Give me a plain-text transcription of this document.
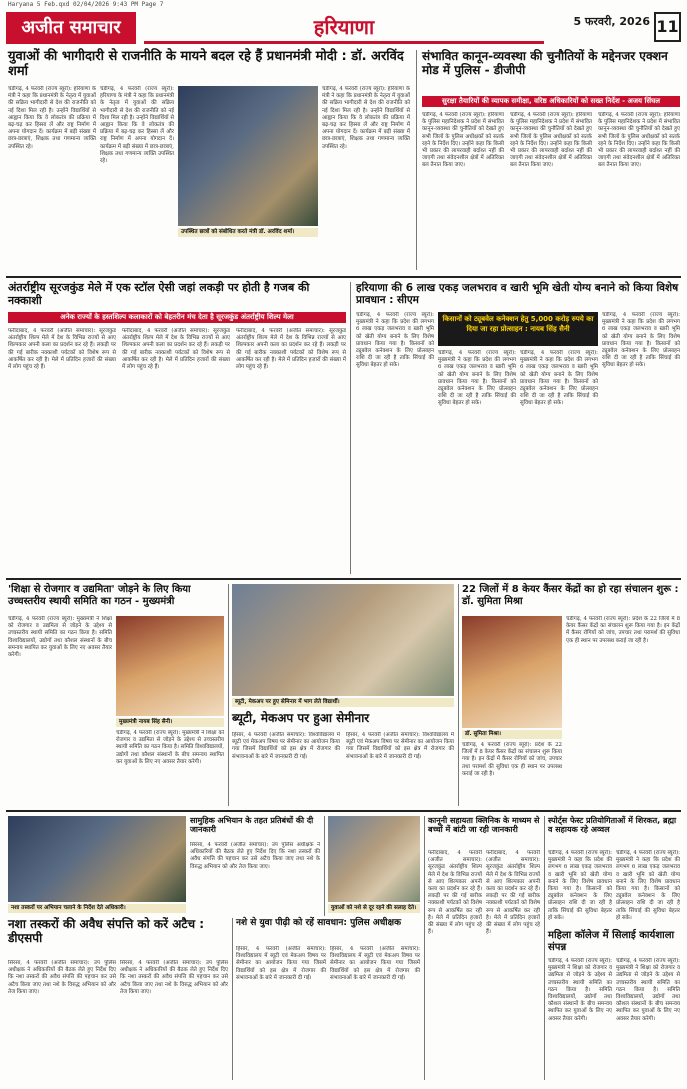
Haryana 5 Feb.qxd 02/04/2026 9:43 PM Page 7
अजीत समाचार	हरियाणा	5 फरवरी, 2026 11
युवाओं की भागीदारी से राजनीति के मायने बदल रहे हैं प्रधानमंत्री मोदी : डॉ. अरविंद शर्मा
चंडीगढ़, 4 फरवरी (राज्य ब्यूरो): हरियाणा के मंत्री ने कहा कि प्रधानमंत्री के नेतृत्व में युवाओं की सक्रिय भागीदारी से देश की राजनीति को नई दिशा मिल रही है। उन्होंने विद्यार्थियों से आह्वान किया कि वे लोकतंत्र की प्रक्रिया में बढ़-चढ़ कर हिस्सा लें और राष्ट्र निर्माण में अपना योगदान दें। कार्यक्रम में बड़ी संख्या में छात्र-छात्राएं, शिक्षक तथा गणमान्य व्यक्ति उपस्थित रहे।
चंडीगढ़, 4 फरवरी (राज्य ब्यूरो): हरियाणा के मंत्री ने कहा कि प्रधानमंत्री के नेतृत्व में युवाओं की सक्रिय भागीदारी से देश की राजनीति को नई दिशा मिल रही है। उन्होंने विद्यार्थियों से आह्वान किया कि वे लोकतंत्र की प्रक्रिया में बढ़-चढ़ कर हिस्सा लें और राष्ट्र निर्माण में अपना योगदान दें। कार्यक्रम में बड़ी संख्या में छात्र-छात्राएं, शिक्षक तथा गणमान्य व्यक्ति उपस्थित रहे।
चंडीगढ़, 4 फरवरी (राज्य ब्यूरो): हरियाणा के मंत्री ने कहा कि प्रधानमंत्री के नेतृत्व में युवाओं की सक्रिय भागीदारी से देश की राजनीति को नई दिशा मिल रही है। उन्होंने विद्यार्थियों से आह्वान किया कि वे लोकतंत्र की प्रक्रिया में बढ़-चढ़ कर हिस्सा लें और राष्ट्र निर्माण में अपना योगदान दें। कार्यक्रम में बड़ी संख्या में छात्र-छात्राएं, शिक्षक तथा गणमान्य व्यक्ति उपस्थित रहे।
उपस्थित छात्रों को संबोधित करते मंत्री डॉ. अरविंद शर्मा।
संभावित कानून-व्यवस्था की चुनौतियों के मद्देनजर एक्शन मोड में पुलिस - डीजीपी
सुरक्षा तैयारियों की व्यापक समीक्षा, वरिष्ठ अधिकारियों को सख्त निर्देश - अजय सिंघल
चंडीगढ़, 4 फरवरी (राज्य ब्यूरो): हरियाणा के पुलिस महानिदेशक ने प्रदेश में संभावित कानून-व्यवस्था की चुनौतियों को देखते हुए सभी जिलों के पुलिस अधीक्षकों को सतर्क रहने के निर्देश दिए। उन्होंने कहा कि किसी भी प्रकार की लापरवाही बर्दाश्त नहीं की जाएगी तथा संवेदनशील क्षेत्रों में अतिरिक्त बल तैनात किया जाए।
चंडीगढ़, 4 फरवरी (राज्य ब्यूरो): हरियाणा के पुलिस महानिदेशक ने प्रदेश में संभावित कानून-व्यवस्था की चुनौतियों को देखते हुए सभी जिलों के पुलिस अधीक्षकों को सतर्क रहने के निर्देश दिए। उन्होंने कहा कि किसी भी प्रकार की लापरवाही बर्दाश्त नहीं की जाएगी तथा संवेदनशील क्षेत्रों में अतिरिक्त बल तैनात किया जाए।
चंडीगढ़, 4 फरवरी (राज्य ब्यूरो): हरियाणा के पुलिस महानिदेशक ने प्रदेश में संभावित कानून-व्यवस्था की चुनौतियों को देखते हुए सभी जिलों के पुलिस अधीक्षकों को सतर्क रहने के निर्देश दिए। उन्होंने कहा कि किसी भी प्रकार की लापरवाही बर्दाश्त नहीं की जाएगी तथा संवेदनशील क्षेत्रों में अतिरिक्त बल तैनात किया जाए।
अंतर्राष्ट्रीय सूरजकुंड मेले में एक स्टॉल ऐसी जहां लकड़ी पर होती है गजब की नक्काशी
अनेक राज्यों के हस्तशिल्प कलाकारों को बेहतरीन मंच देता है सूरजकुंड अंतर्राष्ट्रीय शिल्प मेला
फरीदाबाद, 4 फरवरी (अजीत समाचार): सूरजकुंड अंतर्राष्ट्रीय शिल्प मेले में देश के विभिन्न राज्यों से आए शिल्पकार अपनी कला का प्रदर्शन कर रहे हैं। लकड़ी पर की गई बारीक नक्काशी पर्यटकों को विशेष रूप से आकर्षित कर रही है। मेले में प्रतिदिन हजारों की संख्या में लोग पहुंच रहे हैं।
फरीदाबाद, 4 फरवरी (अजीत समाचार): सूरजकुंड अंतर्राष्ट्रीय शिल्प मेले में देश के विभिन्न राज्यों से आए शिल्पकार अपनी कला का प्रदर्शन कर रहे हैं। लकड़ी पर की गई बारीक नक्काशी पर्यटकों को विशेष रूप से आकर्षित कर रही है। मेले में प्रतिदिन हजारों की संख्या में लोग पहुंच रहे हैं।
फरीदाबाद, 4 फरवरी (अजीत समाचार): सूरजकुंड अंतर्राष्ट्रीय शिल्प मेले में देश के विभिन्न राज्यों से आए शिल्पकार अपनी कला का प्रदर्शन कर रहे हैं। लकड़ी पर की गई बारीक नक्काशी पर्यटकों को विशेष रूप से आकर्षित कर रही है। मेले में प्रतिदिन हजारों की संख्या में लोग पहुंच रहे हैं।
हरियाणा की 6 लाख एकड़ जलभराव व खारी भूमि खेती योग्य बनाने को किया विशेष प्रावधान : सीएम
किसानों को ट्यूबवेल कनेक्शन हेतु 5,000 करोड़ रुपये का दिया जा रहा प्रोत्साहन : नायब सिंह सैनी
चंडीगढ़, 4 फरवरी (राज्य ब्यूरो): मुख्यमंत्री ने कहा कि प्रदेश की लगभग 6 लाख एकड़ जलभराव व खारी भूमि को खेती योग्य बनाने के लिए विशेष प्रावधान किया गया है। किसानों को ट्यूबवेल कनेक्शन के लिए प्रोत्साहन राशि दी जा रही है ताकि सिंचाई की सुविधा बेहतर हो सके।
चंडीगढ़, 4 फरवरी (राज्य ब्यूरो): मुख्यमंत्री ने कहा कि प्रदेश की लगभग 6 लाख एकड़ जलभराव व खारी भूमि को खेती योग्य बनाने के लिए विशेष प्रावधान किया गया है। किसानों को ट्यूबवेल कनेक्शन के लिए प्रोत्साहन राशि दी जा रही है ताकि सिंचाई की सुविधा बेहतर हो सके।
चंडीगढ़, 4 फरवरी (राज्य ब्यूरो): मुख्यमंत्री ने कहा कि प्रदेश की लगभग 6 लाख एकड़ जलभराव व खारी भूमि को खेती योग्य बनाने के लिए विशेष प्रावधान किया गया है। किसानों को ट्यूबवेल कनेक्शन के लिए प्रोत्साहन राशि दी जा रही है ताकि सिंचाई की सुविधा बेहतर हो सके।
चंडीगढ़, 4 फरवरी (राज्य ब्यूरो): मुख्यमंत्री ने कहा कि प्रदेश की लगभग 6 लाख एकड़ जलभराव व खारी भूमि को खेती योग्य बनाने के लिए विशेष प्रावधान किया गया है। किसानों को ट्यूबवेल कनेक्शन के लिए प्रोत्साहन राशि दी जा रही है ताकि सिंचाई की सुविधा बेहतर हो सके।
'शिक्षा से रोजगार व उद्यमिता' जोड़ने के लिए किया उच्चस्तरीय स्थायी समिति का गठन - मुख्यमंत्री
चंडीगढ़, 4 फरवरी (राज्य ब्यूरो): मुख्यमंत्री ने शिक्षा को रोजगार व उद्यमिता से जोड़ने के उद्देश्य से उच्चस्तरीय स्थायी समिति का गठन किया है। समिति विश्वविद्यालयों, उद्योगों तथा कौशल संस्थानों के बीच समन्वय स्थापित कर युवाओं के लिए नए अवसर तैयार करेगी।
मुख्यमंत्री नायब सिंह सैनी।
चंडीगढ़, 4 फरवरी (राज्य ब्यूरो): मुख्यमंत्री ने शिक्षा को रोजगार व उद्यमिता से जोड़ने के उद्देश्य से उच्चस्तरीय स्थायी समिति का गठन किया है। समिति विश्वविद्यालयों, उद्योगों तथा कौशल संस्थानों के बीच समन्वय स्थापित कर युवाओं के लिए नए अवसर तैयार करेगी।
ब्यूटी, मेकअप पर हुए सेमिनार में भाग लेते विद्यार्थी।
ब्यूटी, मेकअप पर हुआ सेमीनार
हिसार, 4 फरवरी (अजीत समाचार): विश्वविद्यालय में ब्यूटी एवं मेकअप विषय पर सेमीनार का आयोजन किया गया जिसमें विद्यार्थियों को इस क्षेत्र में रोजगार की संभावनाओं के बारे में जानकारी दी गई।
हिसार, 4 फरवरी (अजीत समाचार): विश्वविद्यालय में ब्यूटी एवं मेकअप विषय पर सेमीनार का आयोजन किया गया जिसमें विद्यार्थियों को इस क्षेत्र में रोजगार की संभावनाओं के बारे में जानकारी दी गई।
22 जिलों में 8 केयर कैंसर केंद्रों का हो रहा संचालन शुरू : डॉ. सुमिता मिश्रा
डॉ. सुमिता मिश्रा।
चंडीगढ़, 4 फरवरी (राज्य ब्यूरो): प्रदेश के 22 जिलों में 8 केयर कैंसर केंद्रों का संचालन शुरू किया गया है। इन केंद्रों में कैंसर रोगियों को जांच, उपचार तथा परामर्श की सुविधा एक ही स्थान पर उपलब्ध कराई जा रही है।
चंडीगढ़, 4 फरवरी (राज्य ब्यूरो): प्रदेश के 22 जिलों में 8 केयर कैंसर केंद्रों का संचालन शुरू किया गया है। इन केंद्रों में कैंसर रोगियों को जांच, उपचार तथा परामर्श की सुविधा एक ही स्थान पर उपलब्ध कराई जा रही है।
नशा तस्करों पर अभियान चलाने के निर्देश देते अधिकारी।
नशा तस्करों की अवैध संपत्ति को करें अटैच : डीएसपी
सिरसा, 4 फरवरी (अजीत समाचार): उप पुलिस अधीक्षक ने अधिकारियों की बैठक लेते हुए निर्देश दिए कि नशा तस्करों की अवैध संपत्ति की पहचान कर उसे अटैच किया जाए तथा नशे के विरुद्ध अभियान को और तेज किया जाए।
सिरसा, 4 फरवरी (अजीत समाचार): उप पुलिस अधीक्षक ने अधिकारियों की बैठक लेते हुए निर्देश दिए कि नशा तस्करों की अवैध संपत्ति की पहचान कर उसे अटैच किया जाए तथा नशे के विरुद्ध अभियान को और तेज किया जाए।
सामुहिक अभियान के तहत प्रतिबंधों की दी जानकारी
सिरसा, 4 फरवरी (अजीत समाचार): उप पुलिस अधीक्षक ने अधिकारियों की बैठक लेते हुए निर्देश दिए कि नशा तस्करों की अवैध संपत्ति की पहचान कर उसे अटैच किया जाए तथा नशे के विरुद्ध अभियान को और तेज किया जाए।
युवाओं को नशे से दूर रहने की सलाह देते।
नशे से युवा पीढ़ी को रहें सावधान: पुलिस अधीक्षक
हिसार, 4 फरवरी (अजीत समाचार): विश्वविद्यालय में ब्यूटी एवं मेकअप विषय पर सेमीनार का आयोजन किया गया जिसमें विद्यार्थियों को इस क्षेत्र में रोजगार की संभावनाओं के बारे में जानकारी दी गई।
हिसार, 4 फरवरी (अजीत समाचार): विश्वविद्यालय में ब्यूटी एवं मेकअप विषय पर सेमीनार का आयोजन किया गया जिसमें विद्यार्थियों को इस क्षेत्र में रोजगार की संभावनाओं के बारे में जानकारी दी गई।
कानूनी सहायता क्लिनिक के माध्यम से बच्चों में बांटी जा रही जानकारी
फरीदाबाद, 4 फरवरी (अजीत समाचार): सूरजकुंड अंतर्राष्ट्रीय शिल्प मेले में देश के विभिन्न राज्यों से आए शिल्पकार अपनी कला का प्रदर्शन कर रहे हैं। लकड़ी पर की गई बारीक नक्काशी पर्यटकों को विशेष रूप से आकर्षित कर रही है। मेले में प्रतिदिन हजारों की संख्या में लोग पहुंच रहे हैं।
फरीदाबाद, 4 फरवरी (अजीत समाचार): सूरजकुंड अंतर्राष्ट्रीय शिल्प मेले में देश के विभिन्न राज्यों से आए शिल्पकार अपनी कला का प्रदर्शन कर रहे हैं। लकड़ी पर की गई बारीक नक्काशी पर्यटकों को विशेष रूप से आकर्षित कर रही है। मेले में प्रतिदिन हजारों की संख्या में लोग पहुंच रहे हैं।
स्पोर्ट्स फेस्ट प्रतियोगिताओं में शिरकत, ब्रह्मा व सहायक रहे अव्वल
चंडीगढ़, 4 फरवरी (राज्य ब्यूरो): मुख्यमंत्री ने कहा कि प्रदेश की लगभग 6 लाख एकड़ जलभराव व खारी भूमि को खेती योग्य बनाने के लिए विशेष प्रावधान किया गया है। किसानों को ट्यूबवेल कनेक्शन के लिए प्रोत्साहन राशि दी जा रही है ताकि सिंचाई की सुविधा बेहतर हो सके।
चंडीगढ़, 4 फरवरी (राज्य ब्यूरो): मुख्यमंत्री ने कहा कि प्रदेश की लगभग 6 लाख एकड़ जलभराव व खारी भूमि को खेती योग्य बनाने के लिए विशेष प्रावधान किया गया है। किसानों को ट्यूबवेल कनेक्शन के लिए प्रोत्साहन राशि दी जा रही है ताकि सिंचाई की सुविधा बेहतर हो सके।
महिला कॉलेज में सिलाई कार्यशाला संपन्न
चंडीगढ़, 4 फरवरी (राज्य ब्यूरो): मुख्यमंत्री ने शिक्षा को रोजगार व उद्यमिता से जोड़ने के उद्देश्य से उच्चस्तरीय स्थायी समिति का गठन किया है। समिति विश्वविद्यालयों, उद्योगों तथा कौशल संस्थानों के बीच समन्वय स्थापित कर युवाओं के लिए नए अवसर तैयार करेगी।
चंडीगढ़, 4 फरवरी (राज्य ब्यूरो): मुख्यमंत्री ने शिक्षा को रोजगार व उद्यमिता से जोड़ने के उद्देश्य से उच्चस्तरीय स्थायी समिति का गठन किया है। समिति विश्वविद्यालयों, उद्योगों तथा कौशल संस्थानों के बीच समन्वय स्थापित कर युवाओं के लिए नए अवसर तैयार करेगी।
